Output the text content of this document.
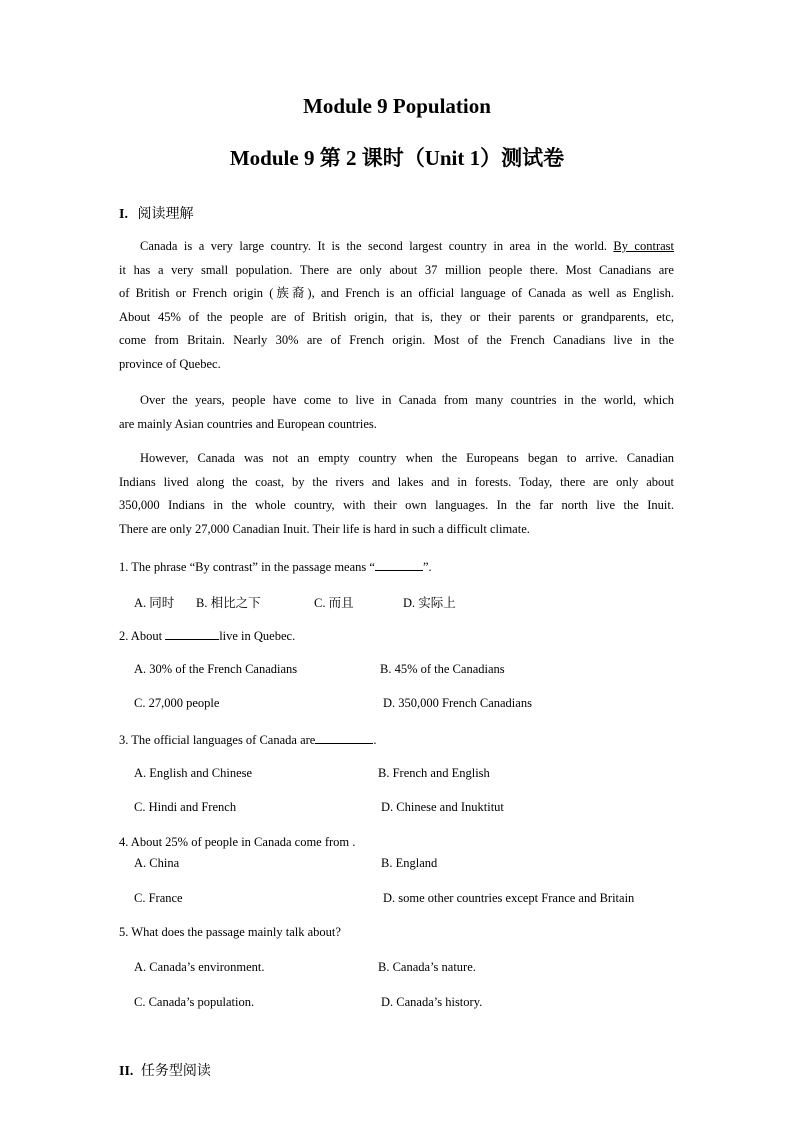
Module 9 Population
Module 9 第 2 课时（Unit 1）测试卷
I. 阅读理解
Canada is a very large country. It is the second largest country in area in the world. By contrast
it has a very small population. There are only about 37 million people there. Most Canadians are
of British or French origin (族裔), and French is an official language of Canada as well as English.
About 45% of the people are of British origin, that is, they or their parents or grandparents, etc,
come from Britain. Nearly 30% are of French origin. Most of the French Canadians live in the
province of Quebec.
Over the years, people have come to live in Canada from many countries in the world, which
are mainly Asian countries and European countries.
However, Canada was not an empty country when the Europeans began to arrive. Canadian
Indians lived along the coast, by the rivers and lakes and in forests. Today, there are only about
350,000 Indians in the whole country, with their own languages. In the far north live the Inuit.
There are only 27,000 Canadian Inuit. Their life is hard in such a difficult climate.
1. The phrase “By contrast” in the passage means “	”.
A. 同时 B. 相比之下	C. 而且	D. 实际上
2. About	live in Quebec.
A. 30% of the French Canadians	B. 45% of the Canadians
C. 27,000 people	D. 350,000 French Canadians
3. The official languages of Canada are	.
A. English and Chinese	B. French and English
C. Hindi and French	D. Chinese and Inuktitut
4. About 25% of people in Canada come from .
A. China	B. England
C. France	D. some other countries except France and Britain
5. What does the passage mainly talk about?
A. Canada’s environment.	B. Canada’s nature.
C. Canada’s population.	D. Canada’s history.
II. 任务型阅读
